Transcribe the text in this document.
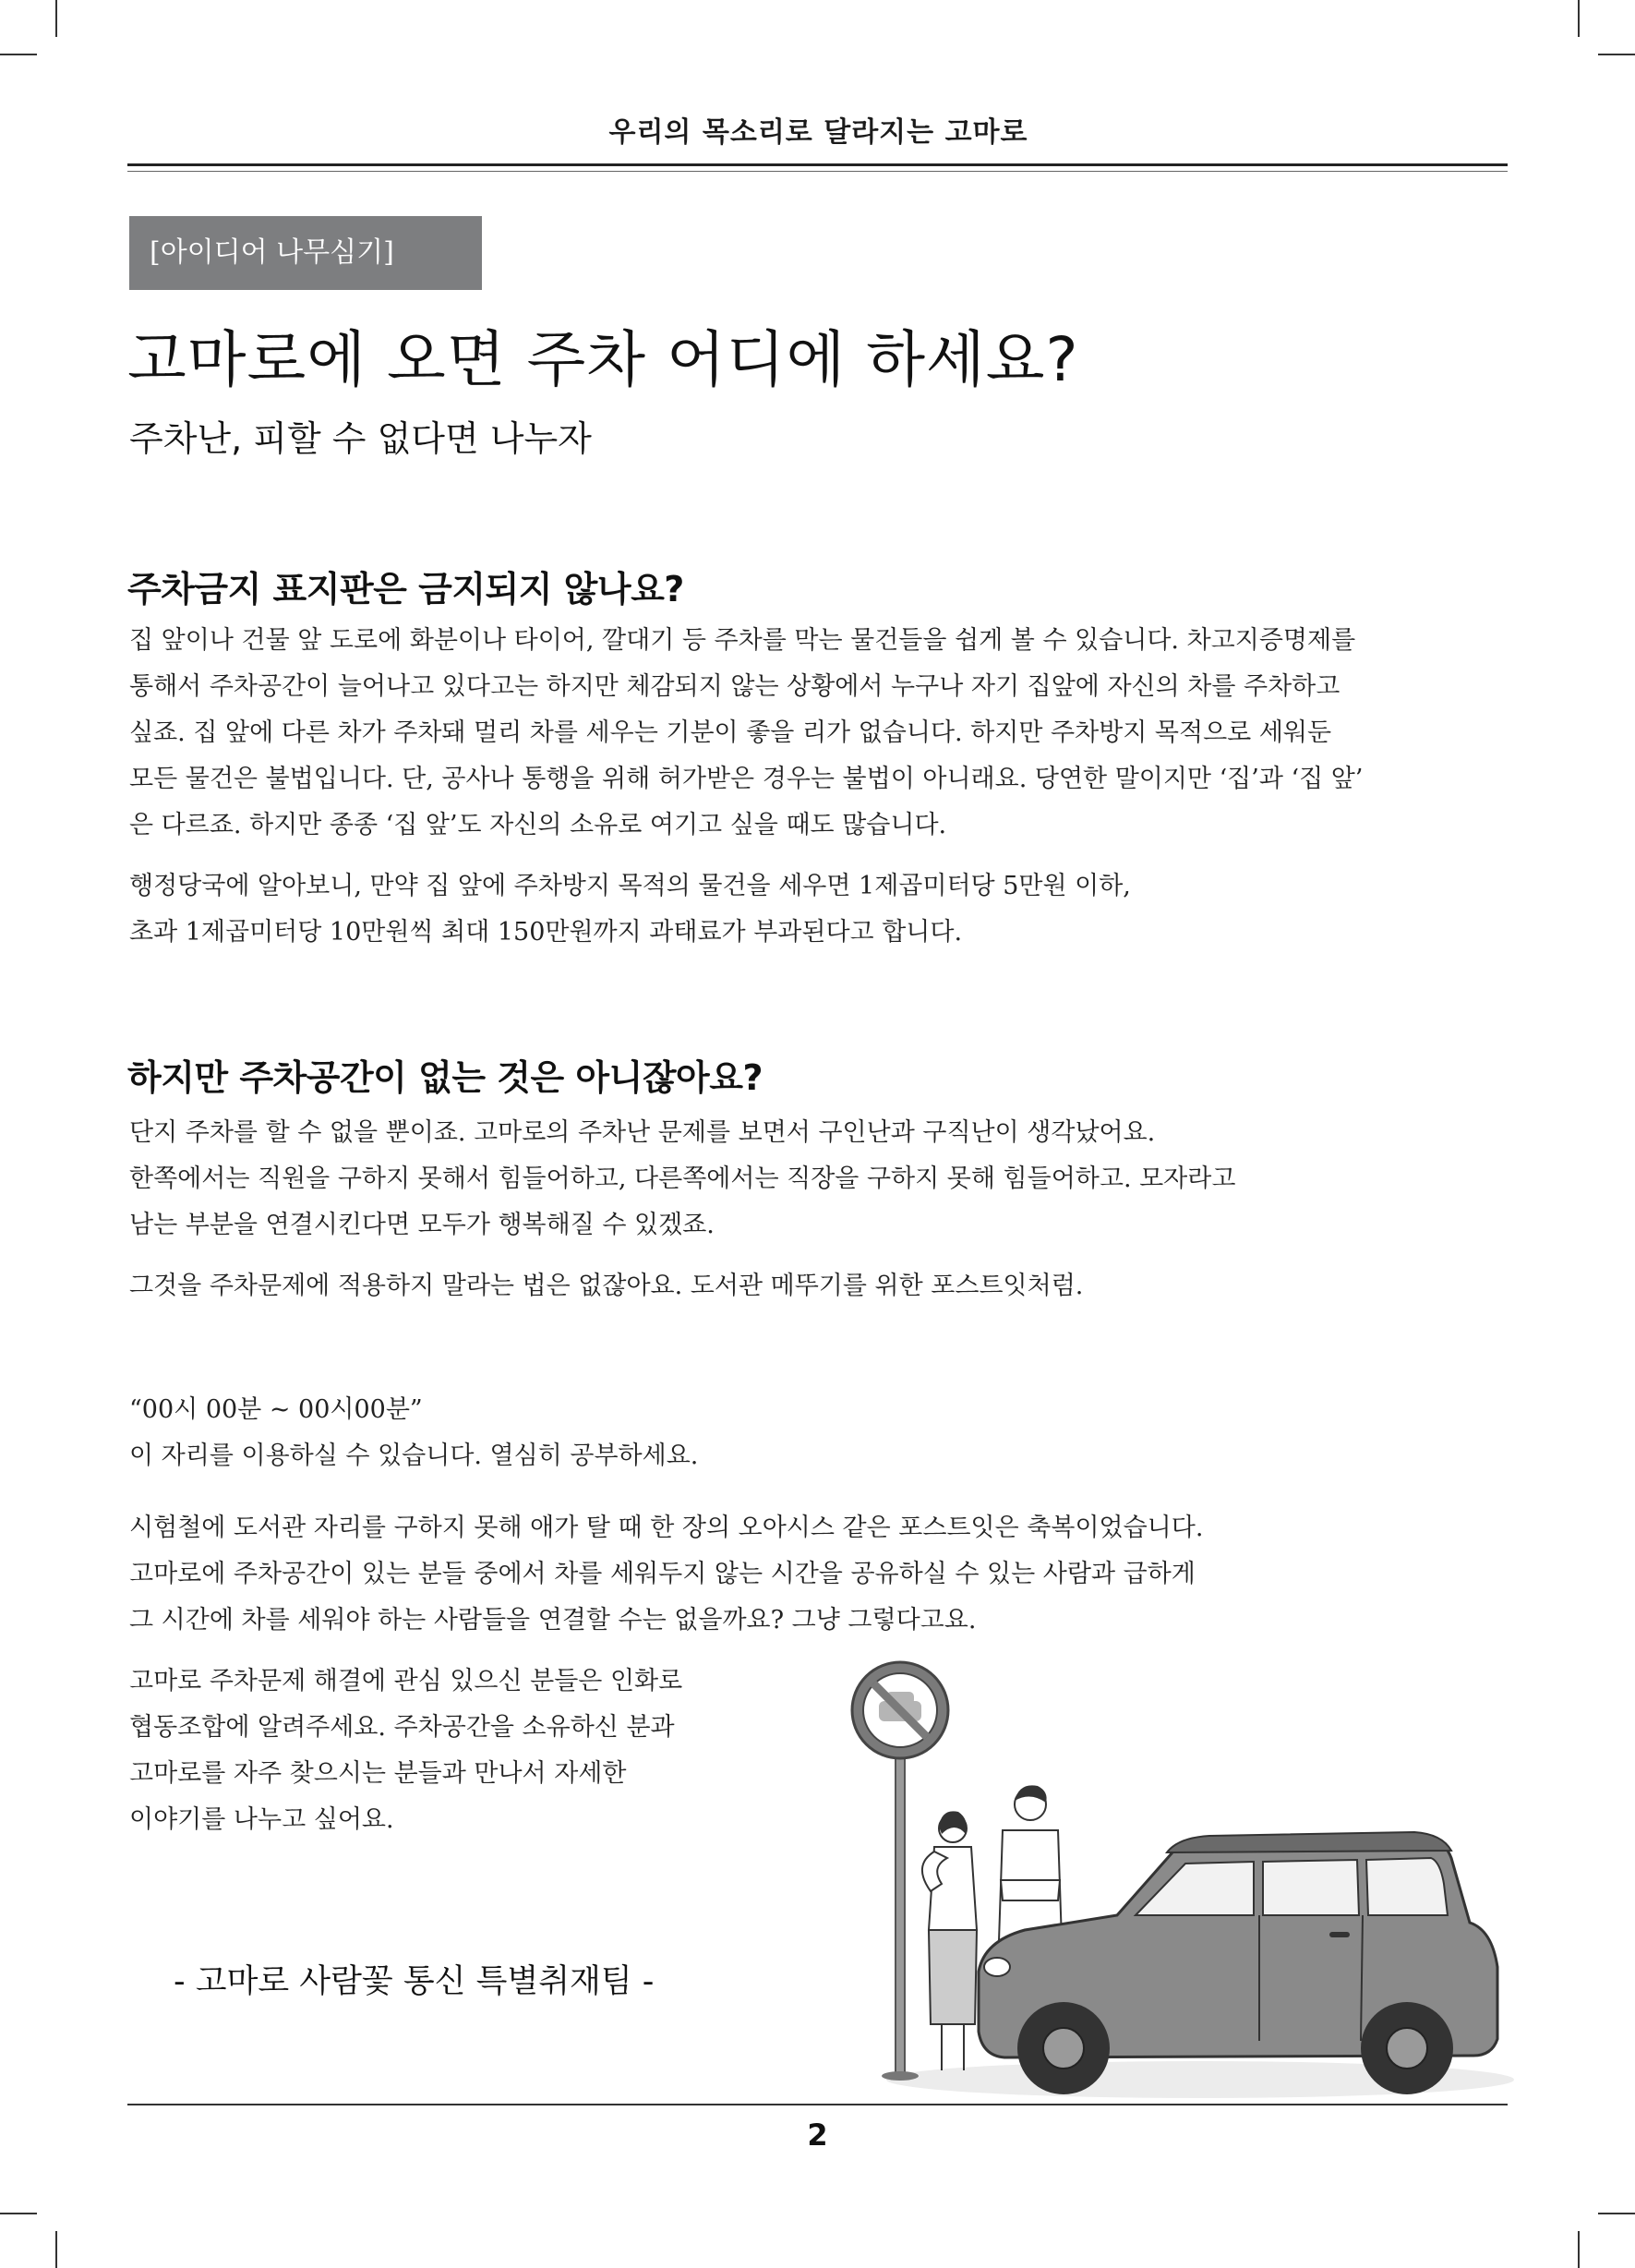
우리의 목소리로 달라지는 고마로
[아이디어 나무심기]
고마로에 오면 주차 어디에 하세요?
주차난, 피할 수 없다면 나누자
주차금지 표지판은 금지되지 않나요?

집 앞이나 건물 앞 도로에 화분이나 타이어, 깔대기 등 주차를 막는 물건들을 쉽게 볼 수 있습니다. 차고지증명제를
통해서 주차공간이 늘어나고 있다고는 하지만 체감되지 않는 상황에서 누구나 자기 집앞에 자신의 차를 주차하고
싶죠. 집 앞에 다른 차가 주차돼 멀리 차를 세우는 기분이 좋을 리가 없습니다. 하지만 주차방지 목적으로 세워둔
모든 물건은 불법입니다. 단, 공사나 통행을 위해 허가받은 경우는 불법이 아니래요. 당연한 말이지만 ‘집’과 ‘집 앞’
은 다르죠. 하지만 종종 ‘집 앞’도 자신의 소유로 여기고 싶을 때도 많습니다.

행정당국에 알아보니, 만약 집 앞에 주차방지 목적의 물건을 세우면 1제곱미터당 5만원 이하,
초과 1제곱미터당 10만원씩 최대 150만원까지 과태료가 부과된다고 합니다.

하지만 주차공간이 없는 것은 아니잖아요?

단지 주차를 할 수 없을 뿐이죠. 고마로의 주차난 문제를 보면서 구인난과 구직난이 생각났어요.
한쪽에서는 직원을 구하지 못해서 힘들어하고, 다른쪽에서는 직장을 구하지 못해 힘들어하고. 모자라고
남는 부분을 연결시킨다면 모두가 행복해질 수 있겠죠.

그것을 주차문제에 적용하지 말라는 법은 없잖아요. 도서관 메뚜기를 위한 포스트잇처럼.

“00시 00분 ~ 00시00분”
이 자리를 이용하실 수 있습니다. 열심히 공부하세요.

시험철에 도서관 자리를 구하지 못해 애가 탈 때 한 장의 오아시스 같은 포스트잇은 축복이었습니다.
고마로에 주차공간이 있는 분들 중에서 차를 세워두지 않는 시간을 공유하실 수 있는 사람과 급하게
그 시간에 차를 세워야 하는 사람들을 연결할 수는 없을까요? 그냥 그렇다고요.

고마로 주차문제 해결에 관심 있으신 분들은 인화로
협동조합에 알려주세요. 주차공간을 소유하신 분과
고마로를 자주 찾으시는 분들과 만나서 자세한
이야기를 나누고 싶어요.

- 고마로 사람꽃 통신 특별취재팀 -
2
